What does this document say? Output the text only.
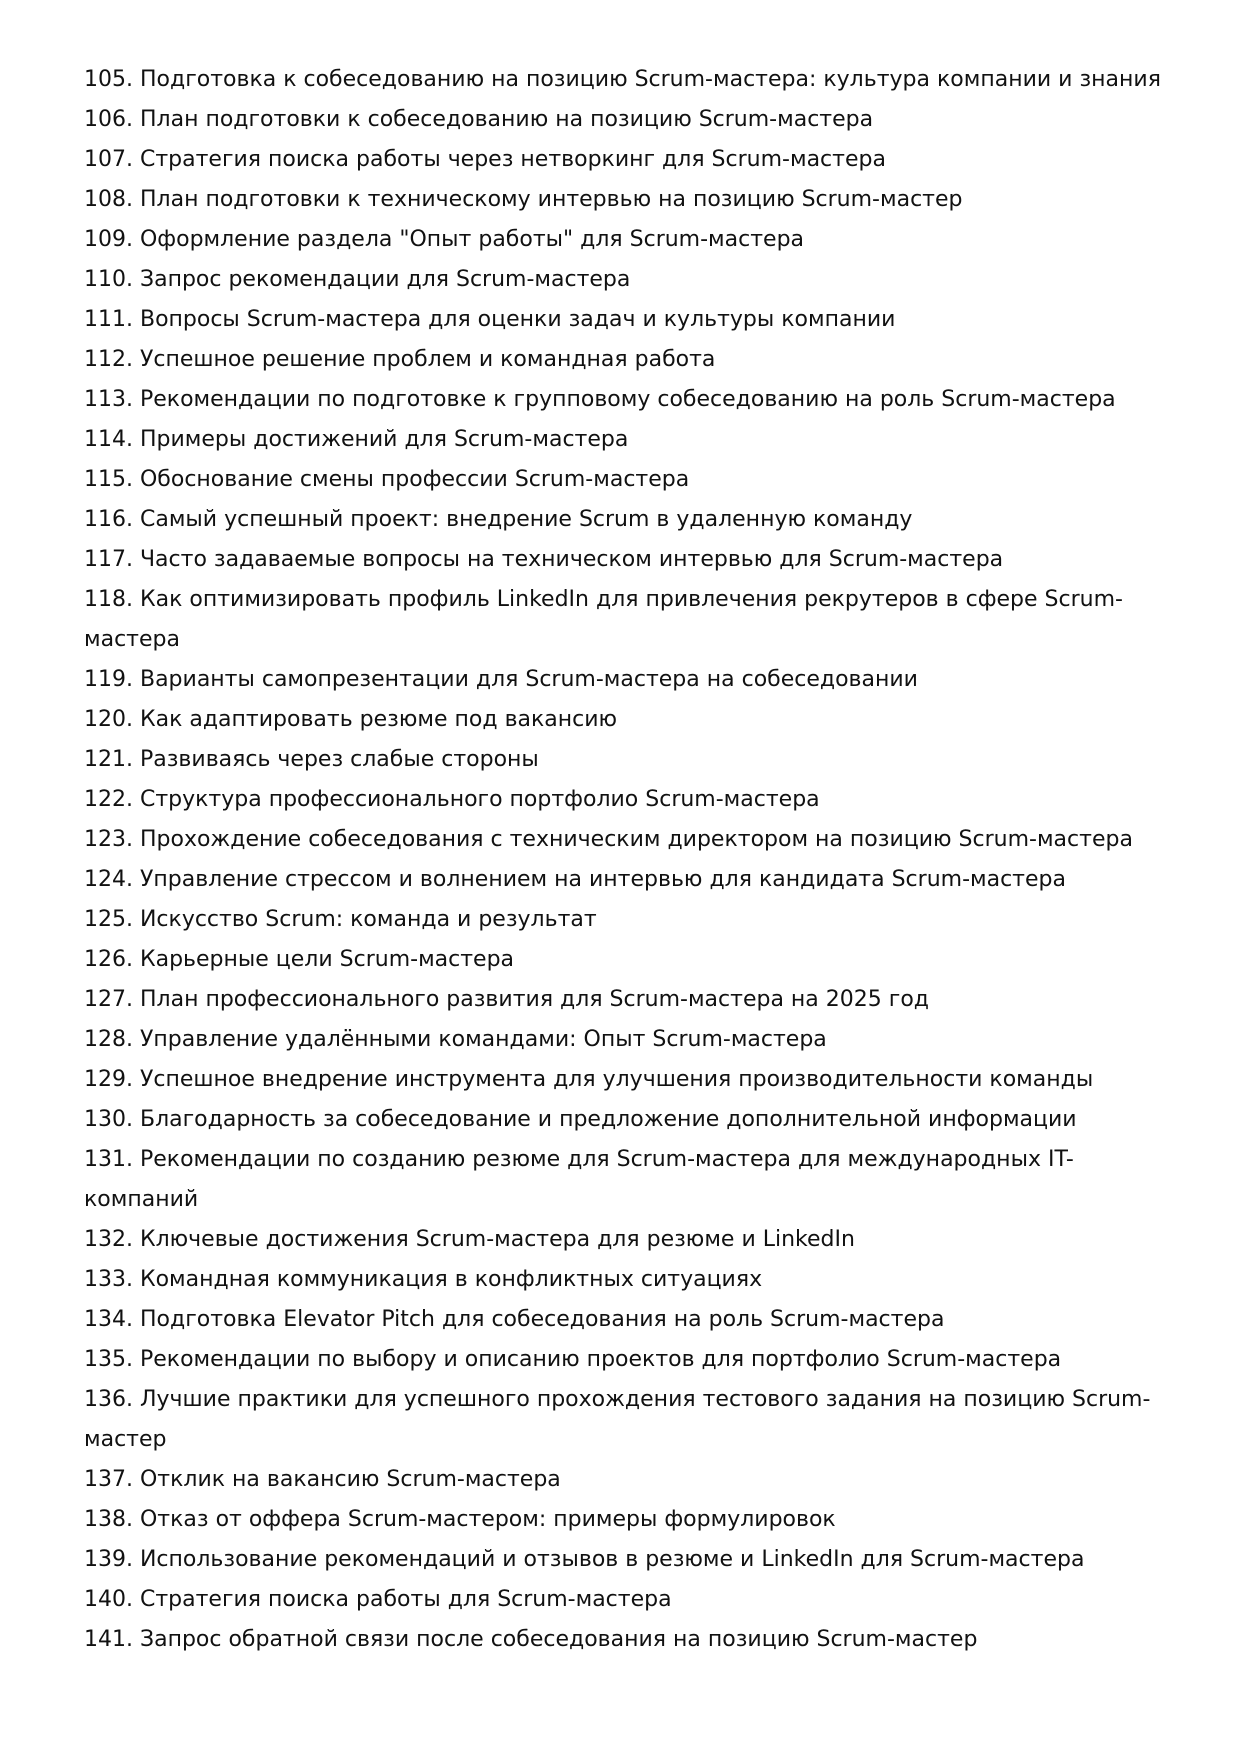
105. Подготовка к собеседованию на позицию Scrum-мастера: культура компании и знания
106. План подготовки к собеседованию на позицию Scrum-мастера
107. Стратегия поиска работы через нетворкинг для Scrum-мастера
108. План подготовки к техническому интервью на позицию Scrum-мастер
109. Оформление раздела "Опыт работы" для Scrum-мастера
110. Запрос рекомендации для Scrum-мастера
111. Вопросы Scrum-мастера для оценки задач и культуры компании
112. Успешное решение проблем и командная работа
113. Рекомендации по подготовке к групповому собеседованию на роль Scrum-мастера
114. Примеры достижений для Scrum-мастера
115. Обоснование смены профессии Scrum-мастера
116. Самый успешный проект: внедрение Scrum в удаленную команду
117. Часто задаваемые вопросы на техническом интервью для Scrum-мастера
118. Как оптимизировать профиль LinkedIn для привлечения рекрутеров в сфере Scrum-мастера
119. Варианты самопрезентации для Scrum-мастера на собеседовании
120. Как адаптировать резюме под вакансию
121. Развиваясь через слабые стороны
122. Структура профессионального портфолио Scrum-мастера
123. Прохождение собеседования с техническим директором на позицию Scrum-мастера
124. Управление стрессом и волнением на интервью для кандидата Scrum-мастера
125. Искусство Scrum: команда и результат
126. Карьерные цели Scrum-мастера
127. План профессионального развития для Scrum-мастера на 2025 год
128. Управление удалёнными командами: Опыт Scrum-мастера
129. Успешное внедрение инструмента для улучшения производительности команды
130. Благодарность за собеседование и предложение дополнительной информации
131. Рекомендации по созданию резюме для Scrum-мастера для международных IT-компаний
132. Ключевые достижения Scrum-мастера для резюме и LinkedIn
133. Командная коммуникация в конфликтных ситуациях
134. Подготовка Elevator Pitch для собеседования на роль Scrum-мастера
135. Рекомендации по выбору и описанию проектов для портфолио Scrum-мастера
136. Лучшие практики для успешного прохождения тестового задания на позицию Scrum-мастер
137. Отклик на вакансию Scrum-мастера
138. Отказ от оффера Scrum-мастером: примеры формулировок
139. Использование рекомендаций и отзывов в резюме и LinkedIn для Scrum-мастера
140. Стратегия поиска работы для Scrum-мастера
141. Запрос обратной связи после собеседования на позицию Scrum-мастер
